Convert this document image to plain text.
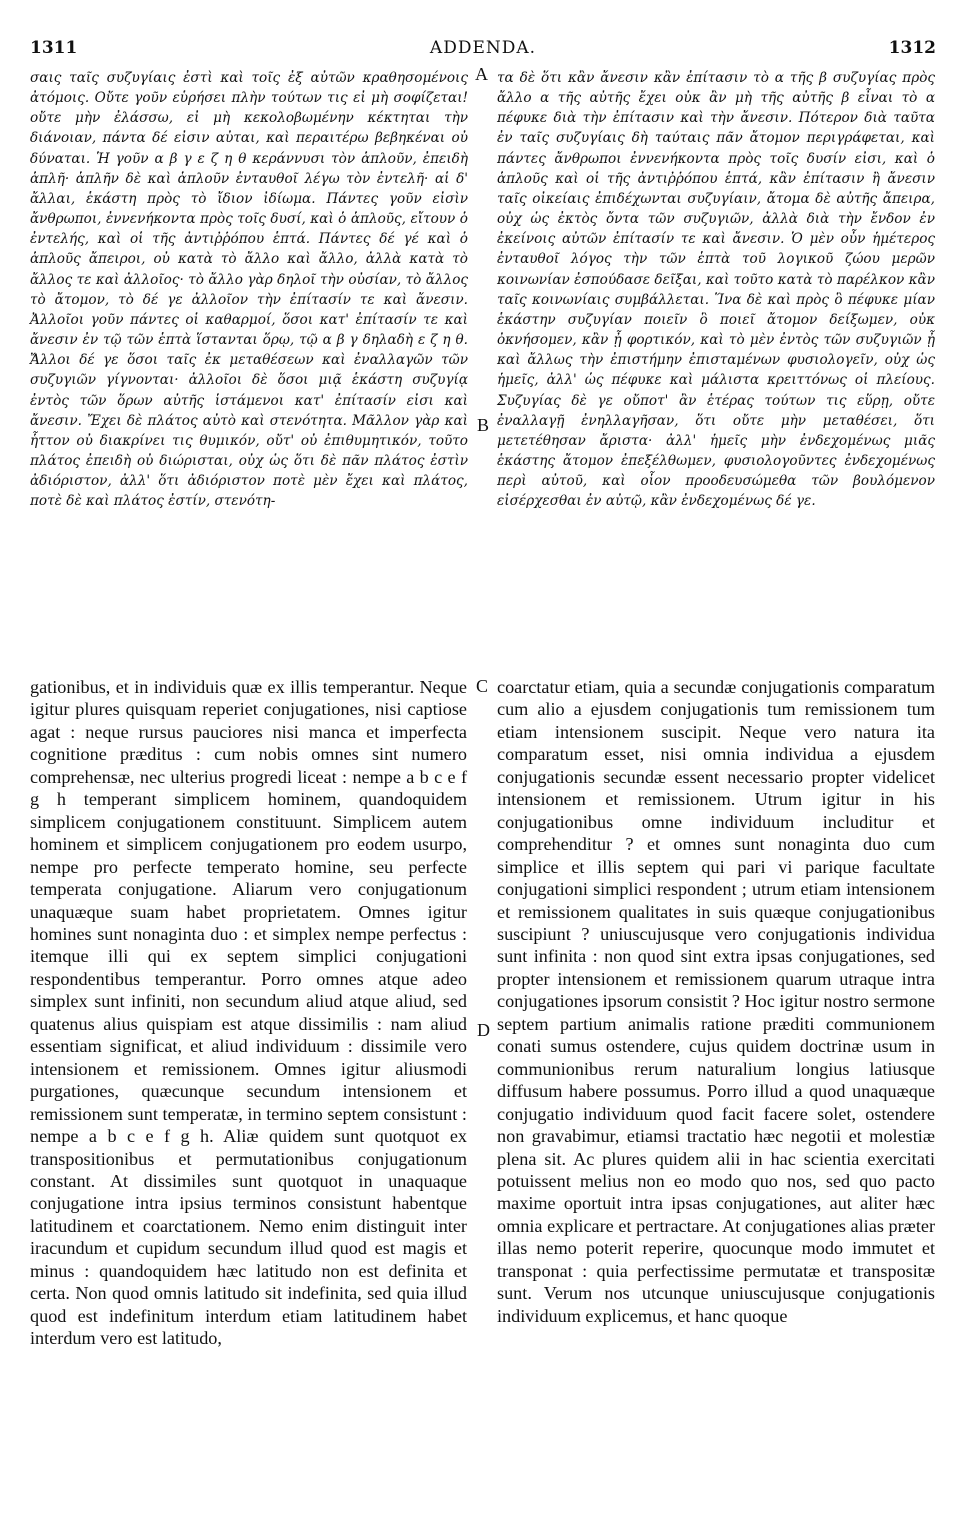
1311	ADDENDA.	1312
σαις ταῖς συζυγίαις ἐστὶ καὶ τοῖς ἐξ αὐτῶν κραθησομένοις ἀτόμοις. Οὔτε γοῦν εὑρήσει πλὴν τούτων τις εἰ μὴ σοφίζεται! οὔτε μὴν ἐλάσσω, εἰ μὴ κεκολοβωμένην κέκτηται τὴν διάνοιαν, πάντα δέ εἰσιν αὐται, καὶ περαιτέρω βεβηκέναι οὐ δύναται. Ἡ γοῦν α β γ ε ζ η θ κεράννυσι τὸν ἁπλοῦν, ἐπειδὴ ἁπλῆ· ἁπλῆν δὲ καὶ ἁπλοῦν ἐνταυθοῖ λέγω τὸν ἐντελῆ· αἱ δ' ἄλλαι, ἑκάστη πρὸς τὸ ἴδιον ἰδίωμα. Πάντες γοῦν εἰσὶν ἄνθρωποι, ἐννενήκοντα πρὸς τοῖς δυσί, καὶ ὁ ἁπλοῦς, εἴτουν ὁ ἐντελής, καὶ οἱ τῆς ἀντιῤῥόπου ἑπτά. Πάντες δέ γέ καὶ ὁ ἁπλοῦς ἄπειροι, οὐ κατὰ τὸ ἄλλο καὶ ἄλλο, ἀλλὰ κατὰ τὸ ἄλλος τε καὶ ἀλλοῖος· τὸ ἄλλο γὰρ δηλοῖ τὴν οὐσίαν, τὸ ἄλλος τὸ ἄτομον, τὸ δέ γε ἀλλοῖον τὴν ἐπίτασίν τε καὶ ἄνεσιν. Ἀλλοῖοι γοῦν πάντες οἱ καθαρμοί, ὅσοι κατ' ἐπίτασίν τε καὶ ἄνεσιν ἐν τῷ τῶν ἑπτὰ ἵστανται ὅρῳ, τῷ α β γ δηλαδὴ ε ζ η θ. Ἄλλοι δέ γε ὅσοι ταῖς ἐκ μεταθέσεων καὶ ἐναλλαγῶν τῶν συζυγιῶν γίγνονται· ἀλλοῖοι δὲ ὅσοι μιᾷ ἑκάστη συζυγίᾳ ἐντὸς τῶν ὅρων αὐτῆς ἱστάμενοι κατ' ἐπίτασίν εἰσι καὶ ἄνεσιν. Ἔχει δὲ πλάτος αὐτὸ καὶ στενότητα. Μᾶλλον γὰρ καὶ ἧττον οὐ διακρίνει τις θυμικόν, οὔτ' οὐ ἐπιθυμητικόν, τοῦτο πλάτος ἐπειδὴ οὐ διώρισται, οὐχ ὡς ὅτι δὲ πᾶν πλάτος ἐστὶν ἀδιόριστον, ἀλλ' ὅτι ἀδιόριστον ποτὲ μὲν ἔχει καὶ πλάτος, ποτὲ δὲ καὶ πλάτος ἐστίν, στενότη-
τα δὲ ὅτι κἂν ἄνεσιν κἂν ἐπίτασιν τὸ α τῆς β συζυγίας πρὸς ἄλλο α τῆς αὐτῆς ἔχει οὐκ ἂν μὴ τῆς αὐτῆς β εἶναι τὸ α πέφυκε διὰ τὴν ἐπίτασιν καὶ τὴν ἄνεσιν. Πότερον διὰ ταῦτα ἐν ταῖς συζυγίαις δὴ ταύταις πᾶν ἄτομον περιγράφεται, καὶ πάντες ἄνθρωποι ἐννενήκοντα πρὸς τοῖς δυσίν εἰσι, καὶ ὁ ἁπλοῦς καὶ οἱ τῆς ἀντιῤῥόπου ἑπτά, κἂν ἐπίτασιν ἢ ἄνεσιν ταῖς οἰκείαις ἐπιδέχωνται συζυγίαιν, ἄτομα δὲ αὐτῆς ἄπειρα, οὐχ ὡς ἐκτὸς ὄντα τῶν συζυγιῶν, ἀλλὰ διὰ τὴν ἔνδον ἐν ἐκείνοις αὐτῶν ἐπίτασίν τε καὶ ἄνεσιν. Ὁ μὲν οὖν ἡμέτερος ἐνταυθοῖ λόγος τὴν τῶν ἑπτὰ τοῦ λογικοῦ ζώου μερῶν κοινωνίαν ἐσπούδασε δεῖξαι, καὶ τοῦτο κατὰ τὸ παρέλκον κἂν ταῖς κοινωνίαις συμβάλλεται. Ἵνα δὲ καὶ πρὸς ὃ πέφυκε μίαν ἑκάστην συζυγίαν ποιεῖν ὃ ποιεῖ ἄτομον δείξωμεν, οὐκ ὀκνήσομεν, κἂν ᾖ φορτικόν, καὶ τὸ μὲν ἐντὸς τῶν συζυγιῶν ᾖ καὶ ἄλλως τὴν ἐπιστήμην ἐπισταμένων φυσιολογεῖν, οὐχ ὡς ἡμεῖς, ἀλλ' ὡς πέφυκε καὶ μάλιστα κρειττόνως οἱ πλείους. Συζυγίας δὲ γε οὔποτ' ἂν ἑτέρας τούτων τις εὕρῃ, οὔτε ἐναλλαγῇ ἐνηλλαγῆσαν, ὅτι οὔτε μὴν μεταθέσει, ὅτι μετετέθησαν ἄριστα· ἀλλ' ἡμεῖς μὴν ἐνδεχομένως μιᾶς ἑκάστης ἄτομον ἐπεξέλθωμεν, φυσιολογοῦντες ἐνδεχομένως περὶ αὐτοῦ, καὶ οἷον προοδευσώμεθα τῶν βουλόμενον εἰσέρχεσθαι ἐν αὐτῷ, κἂν ἐνδεχομένως δέ γε.
gationibus, et in individuis quæ ex illis temperantur. Neque igitur plures quisquam reperiet conjugationes, nisi captiose agat : neque rursus pauciores nisi manca et imperfecta cognitione præditus : cum nobis omnes sint numero comprehensæ, nec ulterius progredi liceat : nempe a b c e f g h temperant simplicem hominem, quandoquidem simplicem conjugationem constituunt. Simplicem autem hominem et simplicem conjugationem pro eodem usurpo, nempe pro perfecte temperato homine, seu perfecte temperata conjugatione. Aliarum vero conjugationum unaquæque suam habet proprietatem. Omnes igitur homines sunt nonaginta duo : et simplex nempe perfectus : itemque illi qui ex septem simplici conjugationi respondentibus temperantur. Porro omnes atque adeo simplex sunt infiniti, non secundum aliud atque aliud, sed quatenus alius quispiam est atque dissimilis : nam aliud essentiam significat, et aliud individuum : dissimile vero intensionem et remissionem. Omnes igitur aliusmodi purgationes, quæcunque secundum intensionem et remissionem sunt temperatæ, in termino septem consistunt : nempe a b c e f g h. Aliæ quidem sunt quotquot ex transpositionibus et permutationibus conjugationum constant. At dissimiles sunt quotquot in unaquaque conjugatione intra ipsius terminos consistunt habentque latitudinem et coarctationem. Nemo enim distinguit inter iracundum et cupidum secundum illud quod est magis et minus : quandoquidem hæc latitudo non est definita et certa. Non quod omnis latitudo sit indefinita, sed quia illud quod est indefinitum interdum etiam latitudinem habet interdum vero est latitudo,
coarctatur etiam, quia a secundæ conjugationis comparatum cum alio a ejusdem conjugationis tum remissionem tum etiam intensionem suscipit. Neque vero natura ita comparatum esset, nisi omnia individua a ejusdem conjugationis secundæ essent necessario propter videlicet intensionem et remissionem. Utrum igitur in his conjugationibus omne individuum includitur et comprehenditur ? et omnes sunt nonaginta duo cum simplice et illis septem qui pari vi parique facultate conjugationi simplici respondent ; utrum etiam intensionem et remissionem qualitates in suis quæque conjugationibus suscipiunt ? uniuscujusque vero conjugationis individua sunt infinita : non quod sint extra ipsas conjugationes, sed propter intensionem et remissionem quarum utraque intra conjugationes ipsorum consistit ? Hoc igitur nostro sermone septem partium animalis ratione præditi communionem conati sumus ostendere, cujus quidem doctrinæ usum in communionibus rerum naturalium longius latiusque diffusum habere possumus. Porro illud a quod unaquæque conjugatio individuum quod facit facere solet, ostendere non gravabimur, etiamsi tractatio hæc negotii et molestiæ plena sit. Ac plures quidem alii in hac scientia exercitati potuissent melius non eo modo quo nos, sed quo pacto maxime oportuit intra ipsas conjugationes, aut aliter hæc omnia explicare et pertractare. At conjugationes alias præter illas nemo poterit reperire, quocunque modo immutet et transponat : quia perfectissime permutatæ et transpositæ sunt. Verum nos utcunque uniuscujusque conjugationis individuum explicemus, et hanc quoque
A
B
C
D
